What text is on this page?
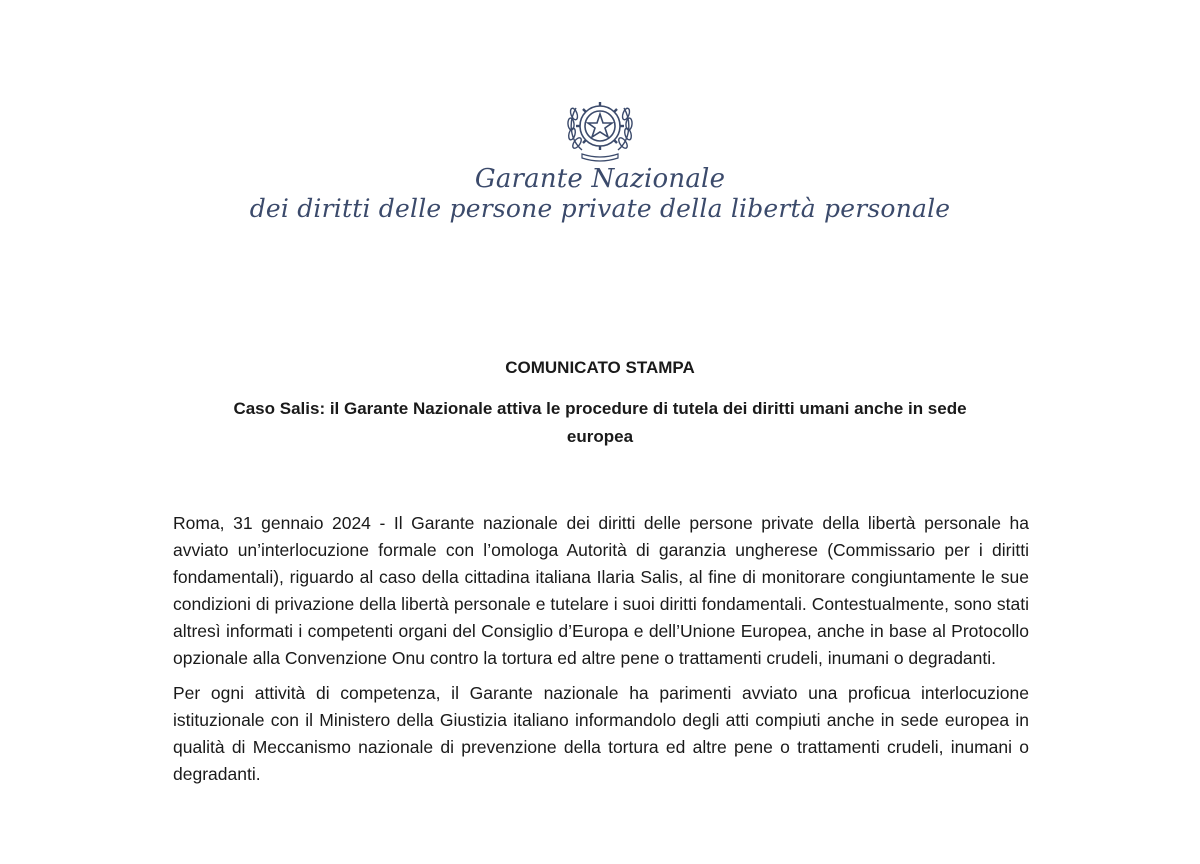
Garante Nazionale
dei diritti delle persone private della libertà personale
COMUNICATO STAMPA
Caso Salis: il Garante Nazionale attiva le procedure di tutela dei diritti umani anche in sede europea

Roma, 31 gennaio 2024 - Il Garante nazionale dei diritti delle persone private della libertà personale ha avviato un’interlocuzione formale con l’omologa Autorità di garanzia ungherese (Commissario per i diritti fondamentali), riguardo al caso della cittadina italiana Ilaria Salis, al fine di monitorare congiuntamente le sue condizioni di privazione della libertà personale e tutelare i suoi diritti fondamentali. Contestualmente, sono stati altresì informati i competenti organi del Consiglio d’Europa e dell’Unione Europea, anche in base al Protocollo opzionale alla Convenzione Onu contro la tortura ed altre pene o trattamenti crudeli, inumani o degradanti.

Per ogni attività di competenza, il Garante nazionale ha parimenti avviato una proficua interlocuzione istituzionale con il Ministero della Giustizia italiano informandolo degli atti compiuti anche in sede europea in qualità di Meccanismo nazionale di prevenzione della tortura ed altre pene o trattamenti crudeli, inumani o degradanti.
